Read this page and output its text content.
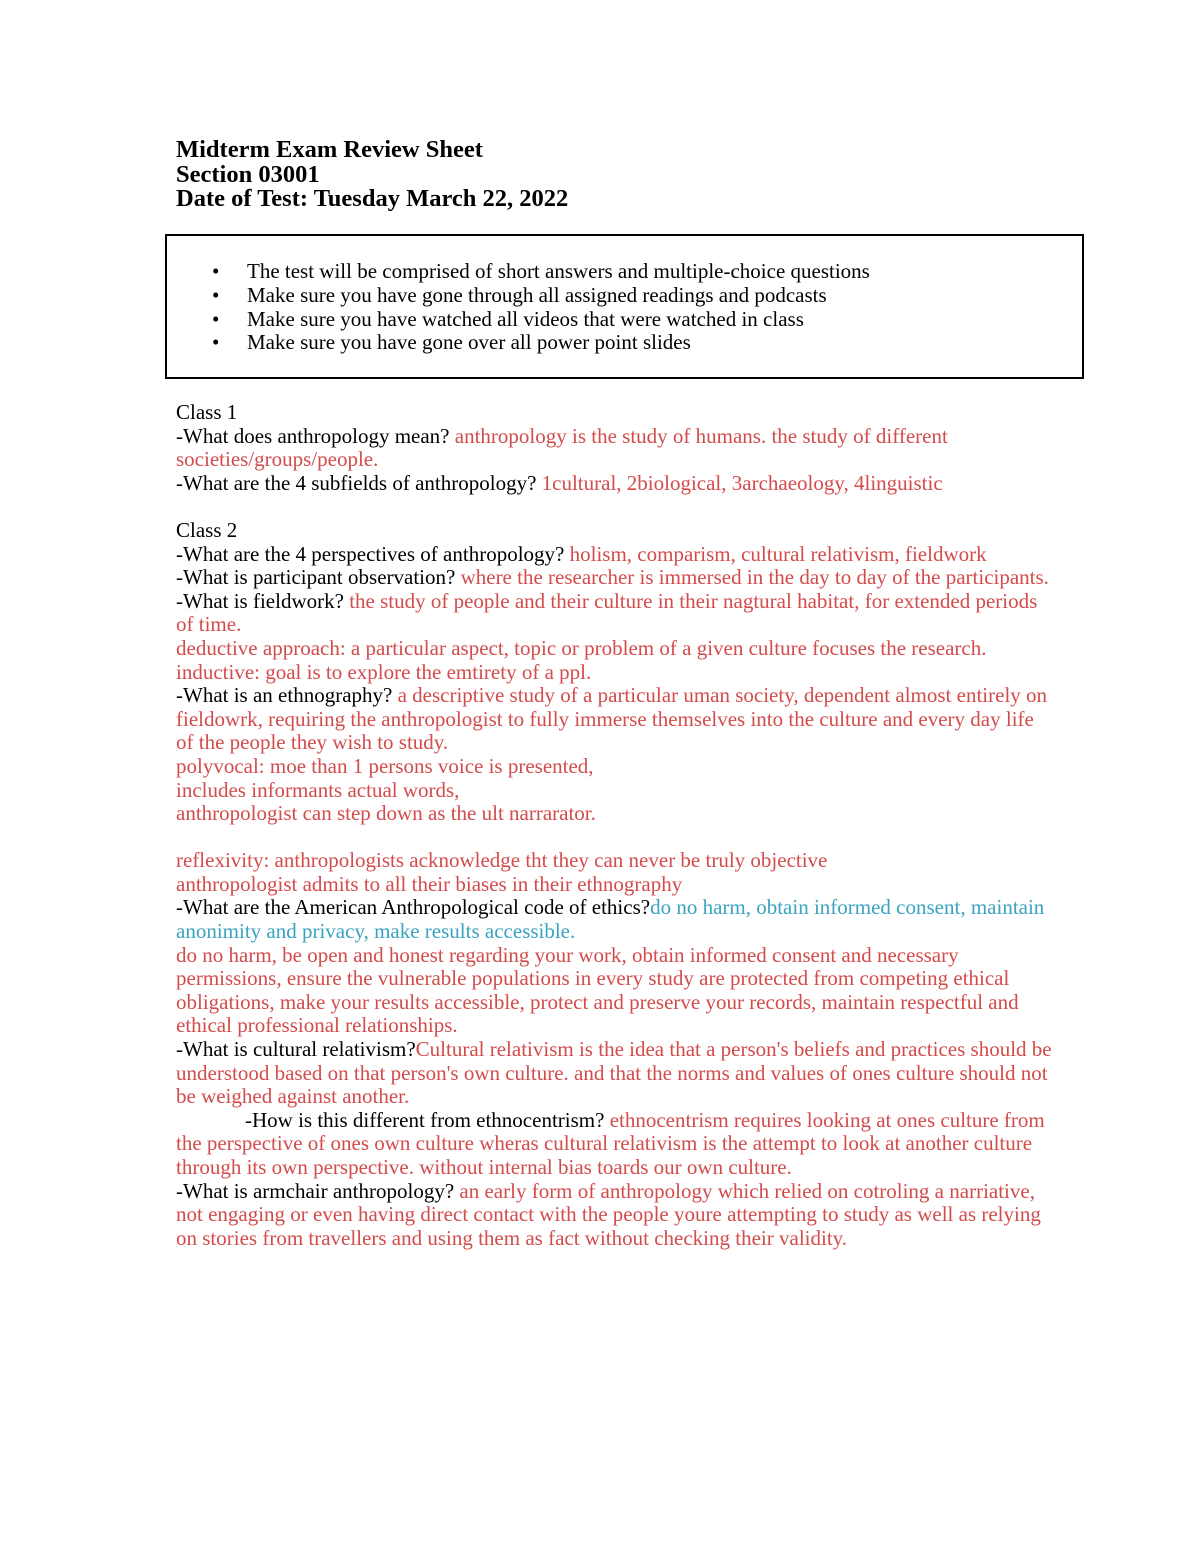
Midterm Exam Review Sheet
Section 03001
Date of Test: Tuesday March 22, 2022
• The test will be comprised of short answers and multiple-choice questions
• Make sure you have gone through all assigned readings and podcasts
• Make sure you have watched all videos that were watched in class
• Make sure you have gone over all power point slides

Class 1

-What does anthropology mean? anthropology is the study of humans. the study of different societies/groups/people.

-What are the 4 subfields of anthropology? 1cultural, 2biological, 3archaeology, 4linguistic

Class 2

-What are the 4 perspectives of anthropology? holism, comparism, cultural relativism, fieldwork

-What is participant observation? where the researcher is immersed in the day to day of the participants.

-What is fieldwork? the study of people and their culture in their nagtural habitat, for extended periods of time.

deductive approach: a particular aspect, topic or problem of a given culture focuses the research.

inductive: goal is to explore the emtirety of a ppl.

-What is an ethnography? a descriptive study of a particular uman society, dependent almost entirely on fieldowrk, requiring the anthropologist to fully immerse themselves into the culture and every day life of the people they wish to study.

polyvocal: moe than 1 persons voice is presented,

includes informants actual words,

anthropologist can step down as the ult narrarator.

reflexivity: anthropologists acknowledge tht they can never be truly objective

anthropologist admits to all their biases in their ethnography

-What are the American Anthropological code of ethics?do no harm, obtain informed consent, maintain anonimity and privacy, make results accessible.

do no harm, be open and honest regarding your work, obtain informed consent and necessary permissions, ensure the vulnerable populations in every study are protected from competing ethical obligations, make your results accessible, protect and preserve your records, maintain respectful and ethical professional relationships.

-What is cultural relativism?Cultural relativism is the idea that a person's beliefs and practices should be understood based on that person's own culture. and that the norms and values of ones culture should not be weighed against another.

-How is this different from ethnocentrism? ethnocentrism requires looking at ones culture from the perspective of ones own culture wheras cultural relativism is the attempt to look at another culture through its own perspective. without internal bias toards our own culture.

-What is armchair anthropology? an early form of anthropology which relied on cotroling a narriative, not engaging or even having direct contact with the people youre attempting to study as well as relying on stories from travellers and using them as fact without checking their validity.
